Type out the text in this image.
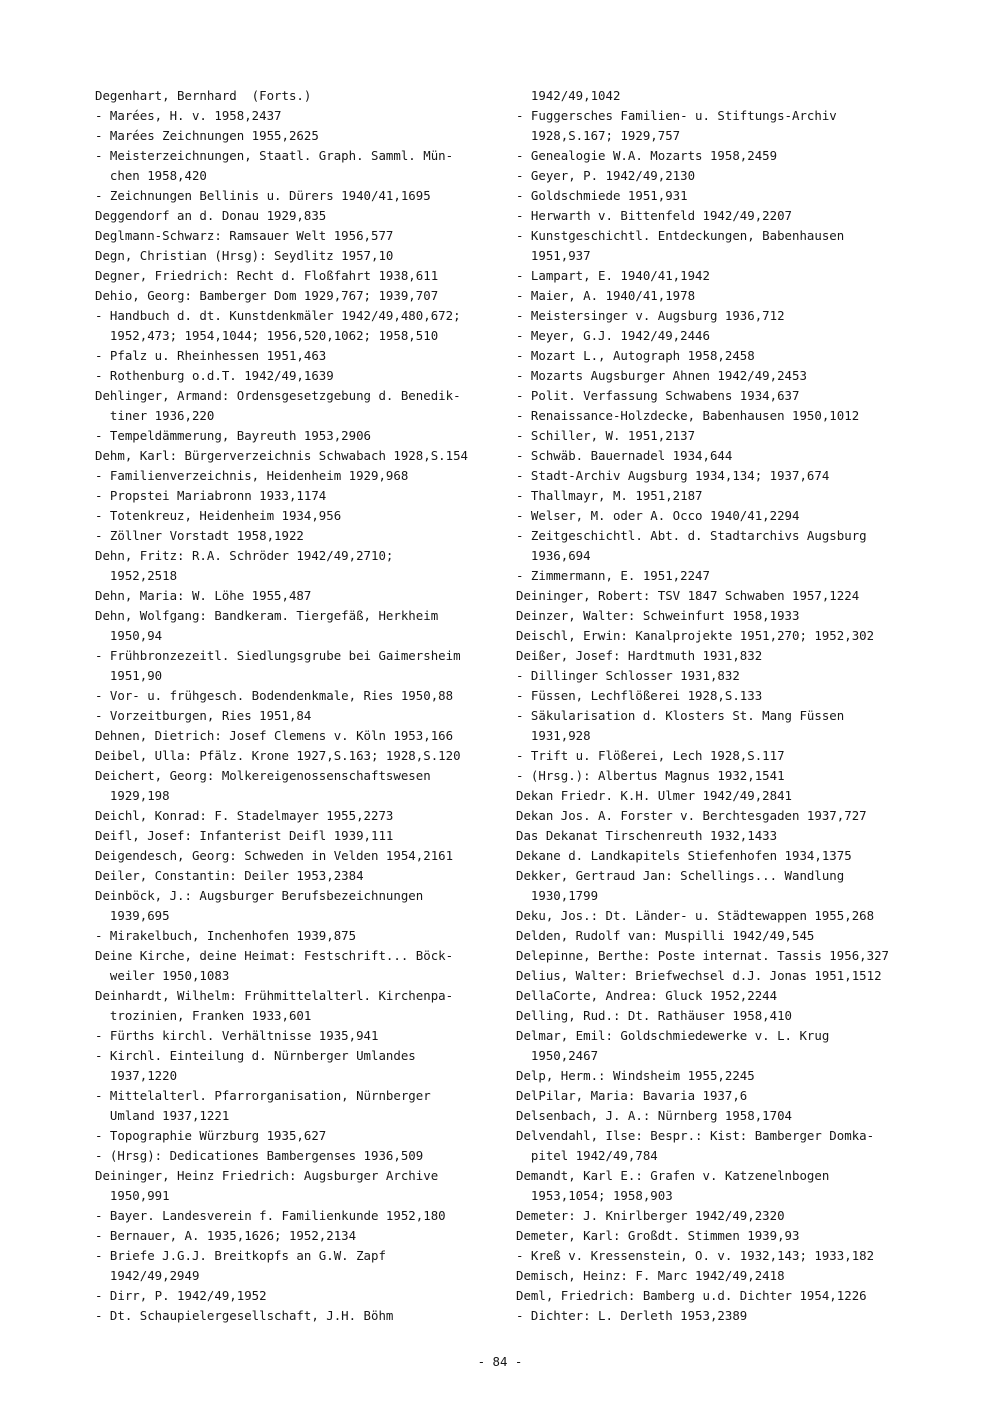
Degenhart, Bernhard  (Forts.)
- Marées, H. v. 1958,2437
- Marées Zeichnungen 1955,2625
- Meisterzeichnungen, Staatl. Graph. Samml. Mün-
chen 1958,420
- Zeichnungen Bellinis u. Dürers 1940/41,1695
Deggendorf an d. Donau 1929,835
Deglmann-Schwarz: Ramsauer Welt 1956,577
Degn, Christian (Hrsg): Seydlitz 1957,10
Degner, Friedrich: Recht d. Floßfahrt 1938,611
Dehio, Georg: Bamberger Dom 1929,767; 1939,707
- Handbuch d. dt. Kunstdenkmäler 1942/49,480,672;
1952,473; 1954,1044; 1956,520,1062; 1958,510
- Pfalz u. Rheinhessen 1951,463
- Rothenburg o.d.T. 1942/49,1639
Dehlinger, Armand: Ordensgesetzgebung d. Benedik-
tiner 1936,220
- Tempeldämmerung, Bayreuth 1953,2906
Dehm, Karl: Bürgerverzeichnis Schwabach 1928,S.154
- Familienverzeichnis, Heidenheim 1929,968
- Propstei Mariabronn 1933,1174
- Totenkreuz, Heidenheim 1934,956
- Zöllner Vorstadt 1958,1922
Dehn, Fritz: R.A. Schröder 1942/49,2710;
1952,2518
Dehn, Maria: W. Löhe 1955,487
Dehn, Wolfgang: Bandkeram. Tiergefäß, Herkheim
1950,94
- Frühbronzezeitl. Siedlungsgrube bei Gaimersheim
1951,90
- Vor- u. frühgesch. Bodendenkmale, Ries 1950,88
- Vorzeitburgen, Ries 1951,84
Dehnen, Dietrich: Josef Clemens v. Köln 1953,166
Deibel, Ulla: Pfälz. Krone 1927,S.163; 1928,S.120
Deichert, Georg: Molkereigenossenschaftswesen
1929,198
Deichl, Konrad: F. Stadelmayer 1955,2273
Deifl, Josef: Infanterist Deifl 1939,111
Deigendesch, Georg: Schweden in Velden 1954,2161
Deiler, Constantin: Deiler 1953,2384
Deinböck, J.: Augsburger Berufsbezeichnungen
1939,695
- Mirakelbuch, Inchenhofen 1939,875
Deine Kirche, deine Heimat: Festschrift... Böck-
weiler 1950,1083
Deinhardt, Wilhelm: Frühmittelalterl. Kirchenpa-
trozinien, Franken 1933,601
- Fürths kirchl. Verhältnisse 1935,941
- Kirchl. Einteilung d. Nürnberger Umlandes
1937,1220
- Mittelalterl. Pfarrorganisation, Nürnberger
Umland 1937,1221
- Topographie Würzburg 1935,627
- (Hrsg): Dedicationes Bambergenses 1936,509
Deininger, Heinz Friedrich: Augsburger Archive
1950,991
- Bayer. Landesverein f. Familienkunde 1952,180
- Bernauer, A. 1935,1626; 1952,2134
- Briefe J.G.J. Breitkopfs an G.W. Zapf
1942/49,2949
- Dirr, P. 1942/49,1952
- Dt. Schaupielergesellschaft, J.H. Böhm
1942/49,1042
- Fuggersches Familien- u. Stiftungs-Archiv
1928,S.167; 1929,757
- Genealogie W.A. Mozarts 1958,2459
- Geyer, P. 1942/49,2130
- Goldschmiede 1951,931
- Herwarth v. Bittenfeld 1942/49,2207
- Kunstgeschichtl. Entdeckungen, Babenhausen
1951,937
- Lampart, E. 1940/41,1942
- Maier, A. 1940/41,1978
- Meistersinger v. Augsburg 1936,712
- Meyer, G.J. 1942/49,2446
- Mozart L., Autograph 1958,2458
- Mozarts Augsburger Ahnen 1942/49,2453
- Polit. Verfassung Schwabens 1934,637
- Renaissance-Holzdecke, Babenhausen 1950,1012
- Schiller, W. 1951,2137
- Schwäb. Bauernadel 1934,644
- Stadt-Archiv Augsburg 1934,134; 1937,674
- Thallmayr, M. 1951,2187
- Welser, M. oder A. Occo 1940/41,2294
- Zeitgeschichtl. Abt. d. Stadtarchivs Augsburg
1936,694
- Zimmermann, E. 1951,2247
Deininger, Robert: TSV 1847 Schwaben 1957,1224
Deinzer, Walter: Schweinfurt 1958,1933
Deischl, Erwin: Kanalprojekte 1951,270; 1952,302
Deißer, Josef: Hardtmuth 1931,832
- Dillinger Schlosser 1931,832
- Füssen, Lechflößerei 1928,S.133
- Säkularisation d. Klosters St. Mang Füssen
1931,928
- Trift u. Flößerei, Lech 1928,S.117
- (Hrsg.): Albertus Magnus 1932,1541
Dekan Friedr. K.H. Ulmer 1942/49,2841
Dekan Jos. A. Forster v. Berchtesgaden 1937,727
Das Dekanat Tirschenreuth 1932,1433
Dekane d. Landkapitels Stiefenhofen 1934,1375
Dekker, Gertraud Jan: Schellings... Wandlung
1930,1799
Deku, Jos.: Dt. Länder- u. Städtewappen 1955,268
Delden, Rudolf van: Muspilli 1942/49,545
Delepinne, Berthe: Poste internat. Tassis 1956,327
Delius, Walter: Briefwechsel d.J. Jonas 1951,1512
DellaCorte, Andrea: Gluck 1952,2244
Delling, Rud.: Dt. Rathäuser 1958,410
Delmar, Emil: Goldschmiedewerke v. L. Krug
1950,2467
Delp, Herm.: Windsheim 1955,2245
DelPilar, Maria: Bavaria 1937,6
Delsenbach, J. A.: Nürnberg 1958,1704
Delvendahl, Ilse: Bespr.: Kist: Bamberger Domka-
pitel 1942/49,784
Demandt, Karl E.: Grafen v. Katzenelnbogen
1953,1054; 1958,903
Demeter: J. Knirlberger 1942/49,2320
Demeter, Karl: Großdt. Stimmen 1939,93
- Kreß v. Kressenstein, O. v. 1932,143; 1933,182
Demisch, Heinz: F. Marc 1942/49,2418
Deml, Friedrich: Bamberg u.d. Dichter 1954,1226
- Dichter: L. Derleth 1953,2389
- 84 -
